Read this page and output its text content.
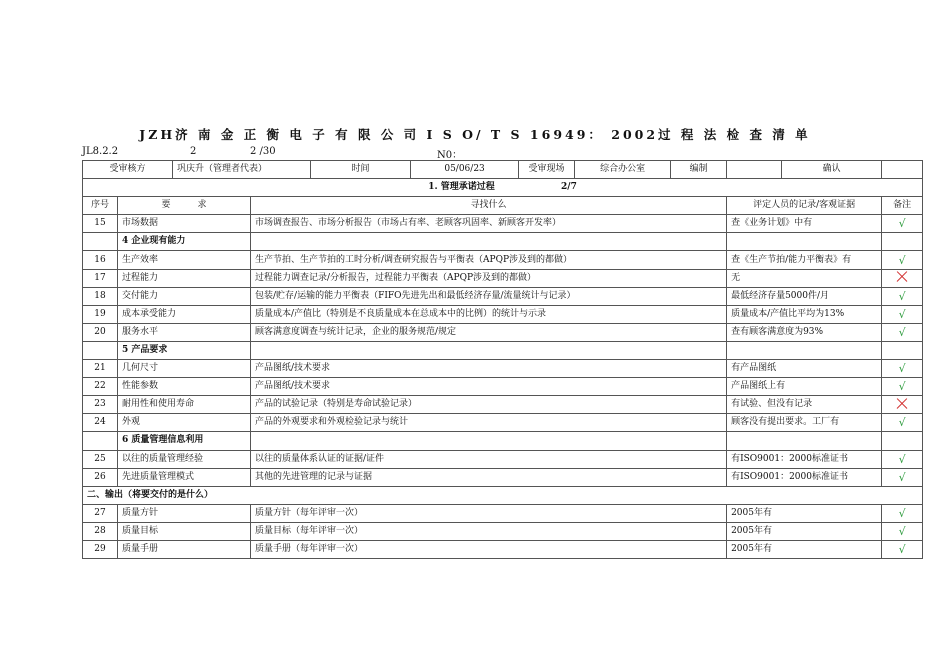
JZH济 南 金 正 衡 电 子 有 限 公 司 I S O/ T S 16949： 2002过 程 法 检 查 清 单
JL8.2.2	2	2 /30	N0：
受审核方		巩庆升（管理者代表）		时间	05/06/23	受审现场	综合办公室	编制		确认	
1. 管理承诺过程 2/7											
序号	要　　　求		寻找什么						评定人员的记录/客观证据		备注
15	市场数据		市场调查报告、市场分析报告（市场占有率、老顾客巩固率、新顾客开发率）						查《业务计划》中有		√
	4 企业现有能力										
16	生产效率		生产节拍、生产节拍的工时分析/调查研究报告与平衡表（APQP涉及到的都做）						查《生产节拍/能力平衡表》有		√
17	过程能力		过程能力调查记录/分析报告，过程能力平衡表（APQP涉及到的都做）						无		
18	交付能力		包装/贮存/运输的能力平衡表（FIFO先进先出和最低经济存量/流量统计与记录）						最低经济存量5000件/月		√
19	成本承受能力		质量成本/产值比（特别是不良质量成本在总成本中的比例）的统计与示录						质量成本/产值比平均为13%		√
20	服务水平		顾客满意度调查与统计记录，企业的服务规范/规定						查有顾客满意度为93%		√
	5 产品要求										
21	几何尺寸		产品图纸/技术要求						有产品图纸		√
22	性能参数		产品图纸/技术要求						产品图纸上有		√
23	耐用性和使用寿命		产品的试验记录（特别是寿命试验记录）						有试验、但没有记录		
24	外观		产品的外观要求和外观检验记录与统计						顾客没有提出要求。工厂有		√
	6 质量管理信息利用										
25	以往的质量管理经验		以往的质量体系认证的证据/证件						有ISO9001：2000标准证书		√
26	先进质量管理模式		其他的先进管理的记录与证据						有ISO9001：2000标准证书		√
二、输出（将要交付的是什么）											
27	质量方针		质量方针（每年评审一次）						2005年有		√
28	质量目标		质量目标（每年评审一次）						2005年有		√
29	质量手册		质量手册（每年评审一次）						2005年有		√
